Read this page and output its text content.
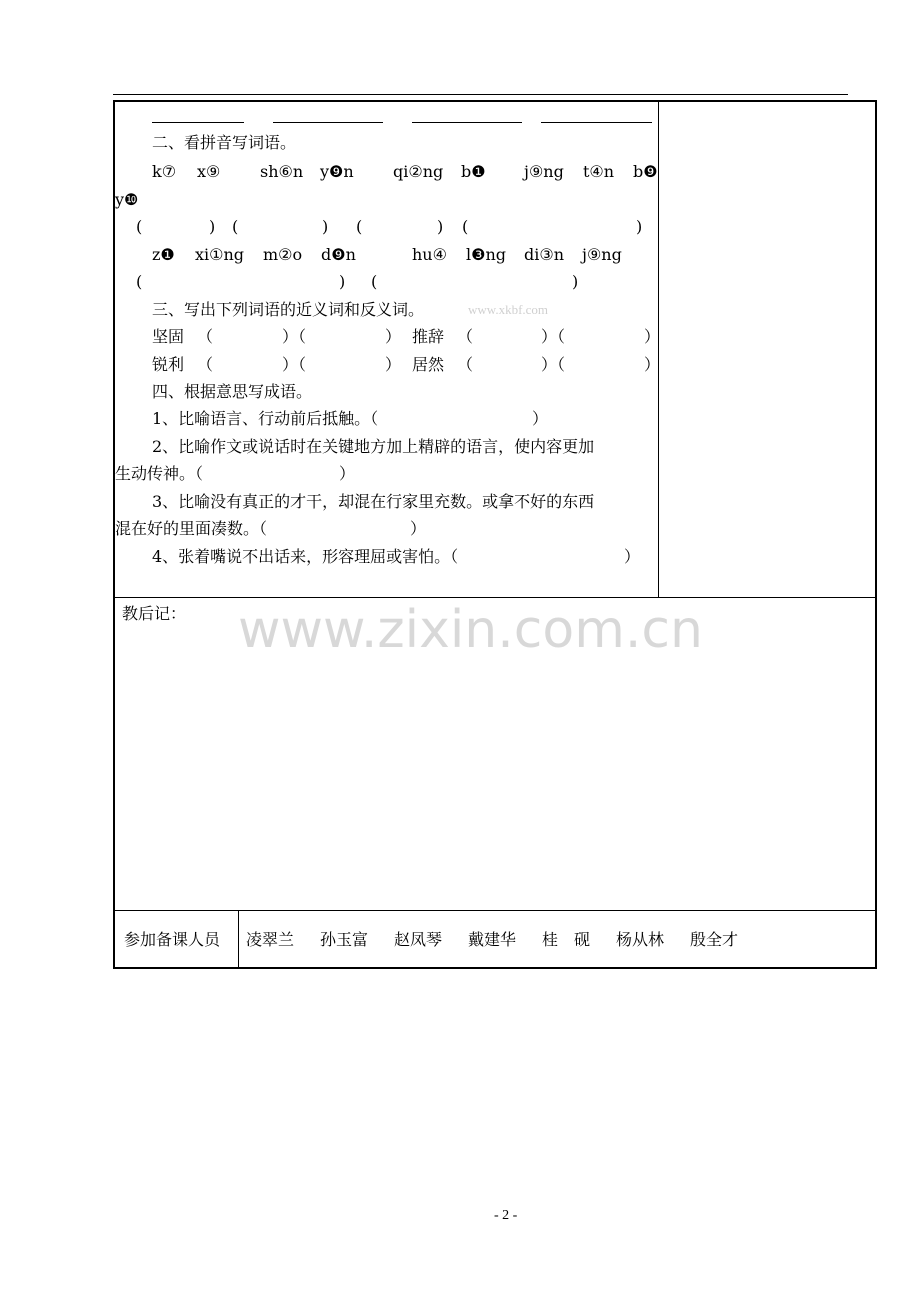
二、看拼音写词语。
k⑦ x⑨ sh⑥n y❾n qi②ng b❶ j⑨ng t④n b❾
y❿
(	) (	) (	) (	)
z❶ xi①ng m②o d❾n	hu④ l❸ng di③n j⑨ng
(	) (	)
三、写出下列词语的近义词和反义词。	www.xkbf.com
坚固 （	）（	） 推辞 （	）（	）
锐利 （	）（	） 居然 （	）（	）
四、根据意思写成语。
1、比喻语言、行动前后抵触。（	）
2、比喻作文或说话时在关键地方加上精辟的语言，使内容更加
生动传神。（	）
3、比喻没有真正的才干，却混在行家里充数。或拿不好的东西
混在好的里面凑数。（	）
4、张着嘴说不出话来，形容理屈或害怕。（	）
教后记： www.zixin.com.cn
参加备课人员 凌翠兰 孙玉富 赵凤琴 戴建华 桂　砚 杨从林 殷全才
- 2 -
